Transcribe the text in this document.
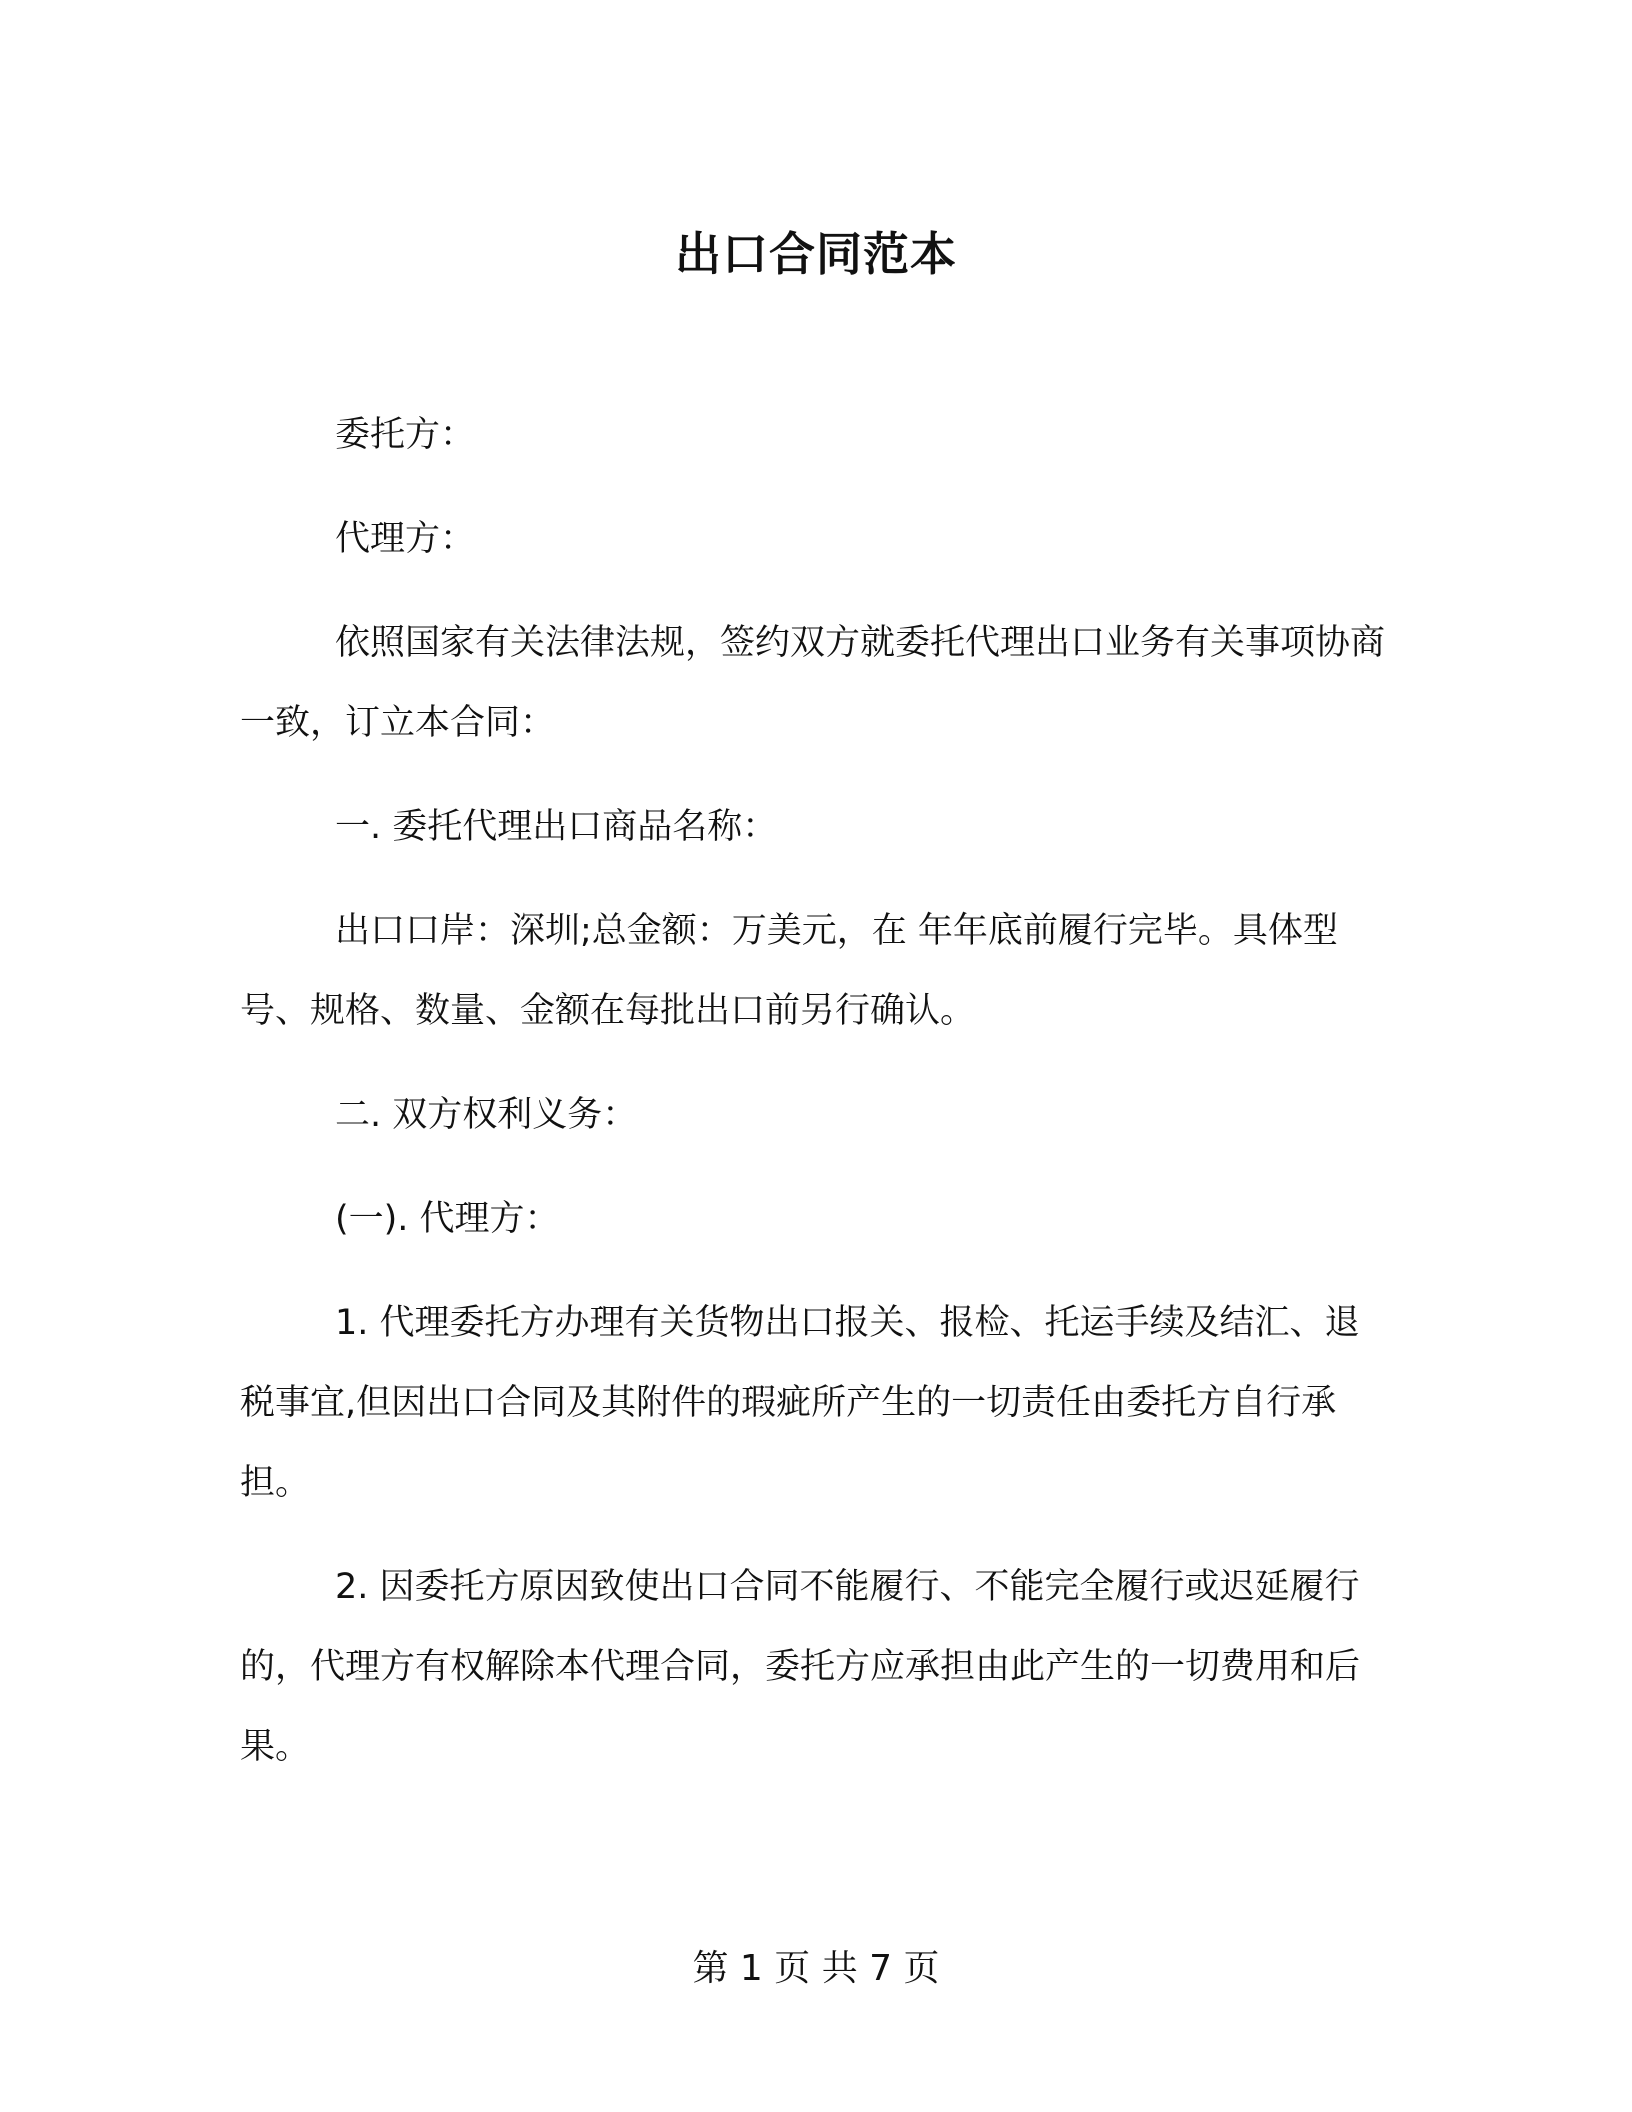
出口合同范本

委托方：

代理方：

依照国家有关法律法规，签约双方就委托代理出口业务有关事项协商一致，订立本合同：

一. 委托代理出口商品名称：

出口口岸：深圳;总金额：万美元，在 年年底前履行完毕。具体型号、规格、数量、金额在每批出口前另行确认。

二. 双方权利义务：

(一). 代理方：

1. 代理委托方办理有关货物出口报关、报检、托运手续及结汇、退税事宜,但因出口合同及其附件的瑕疵所产生的一切责任由委托方自行承担。

2. 因委托方原因致使出口合同不能履行、不能完全履行或迟延履行的，代理方有权解除本代理合同，委托方应承担由此产生的一切费用和后果。

第 1 页 共 7 页
